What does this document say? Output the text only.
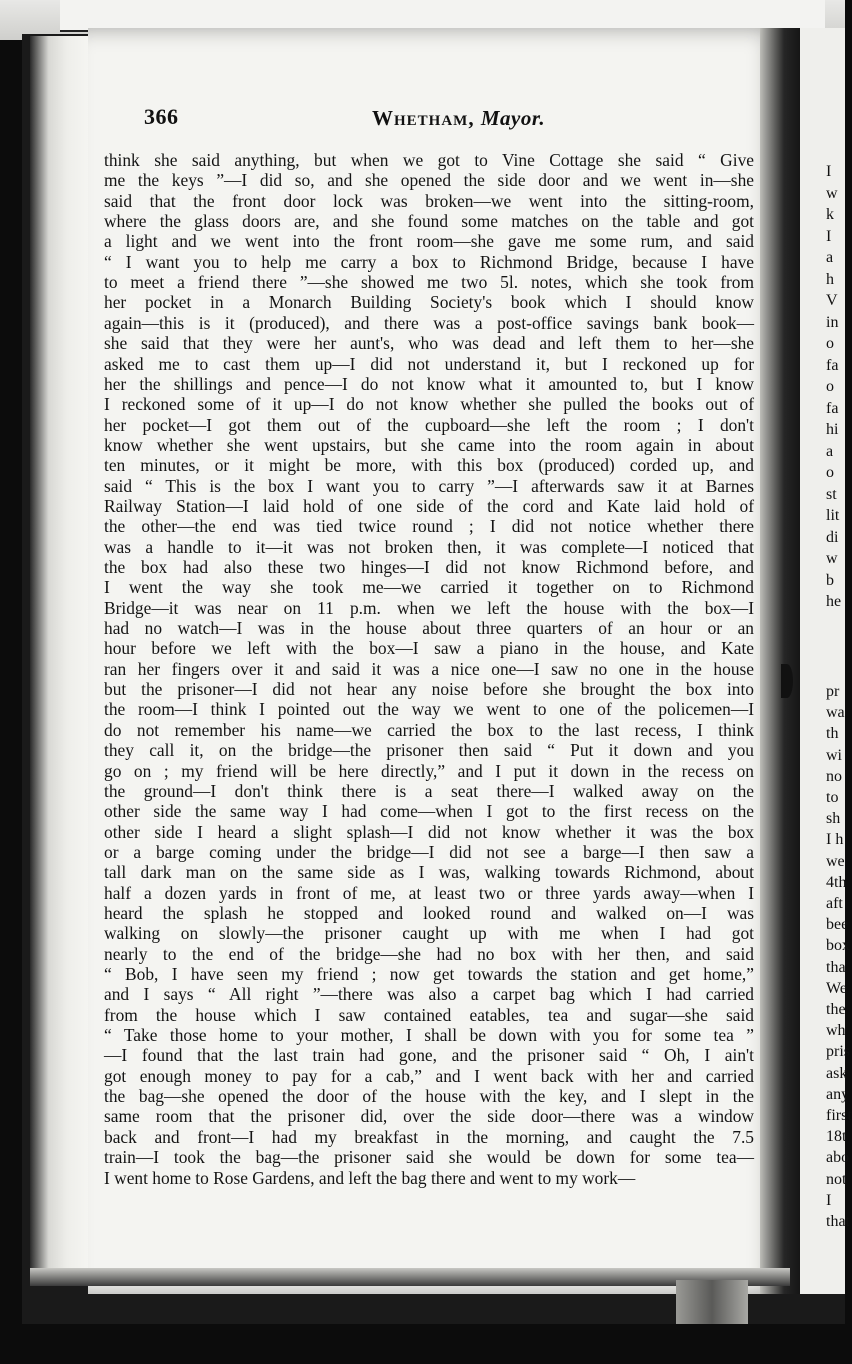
I
w
k
I
a
h
V
in
o
fa
o
fa
hi
a
o
st
lit
di
w
b
he
pr
wa
th
wi
no
to
sh
I h
we
4th
aft
bee
box
tha
We
the
wh
pris
ask
any
first
18t
abo
not
I
that
366	Whetham, Mayor.
think she said anything, but when we got to Vine Cottage she said “ Give
me the keys ”—I did so, and she opened the side door and we went in—she
said that the front door lock was broken—we went into the sitting-room,
where the glass doors are, and she found some matches on the table and got
a light and we went into the front room—she gave me some rum, and said
“ I want you to help me carry a box to Richmond Bridge, because I have
to meet a friend there ”—she showed me two 5l. notes, which she took from
her pocket in a Monarch Building Society's book which I should know
again—this is it (produced), and there was a post-office savings bank book—
she said that they were her aunt's, who was dead and left them to her—she
asked me to cast them up—I did not understand it, but I reckoned up for
her the shillings and pence—I do not know what it amounted to, but I know
I reckoned some of it up—I do not know whether she pulled the books out of
her pocket—I got them out of the cupboard—she left the room ; I don't
know whether she went upstairs, but she came into the room again in about
ten minutes, or it might be more, with this box (produced) corded up, and
said “ This is the box I want you to carry ”—I afterwards saw it at Barnes
Railway Station—I laid hold of one side of the cord and Kate laid hold of
the other—the end was tied twice round ; I did not notice whether there
was a handle to it—it was not broken then, it was complete—I noticed that
the box had also these two hinges—I did not know Richmond before, and
I went the way she took me—we carried it together on to Richmond
Bridge—it was near on 11 p.m. when we left the house with the box—I
had no watch—I was in the house about three quarters of an hour or an
hour before we left with the box—I saw a piano in the house, and Kate
ran her fingers over it and said it was a nice one—I saw no one in the house
but the prisoner—I did not hear any noise before she brought the box into
the room—I think I pointed out the way we went to one of the policemen—I
do not remember his name—we carried the box to the last recess, I think
they call it, on the bridge—the prisoner then said “ Put it down and you
go on ; my friend will be here directly,” and I put it down in the recess on
the ground—I don't think there is a seat there—I walked away on the
other side the same way I had come—when I got to the first recess on the
other side I heard a slight splash—I did not know whether it was the box
or a barge coming under the bridge—I did not see a barge—I then saw a
tall dark man on the same side as I was, walking towards Richmond, about
half a dozen yards in front of me, at least two or three yards away—when I
heard the splash he stopped and looked round and walked on—I was
walking on slowly—the prisoner caught up with me when I had got
nearly to the end of the bridge—she had no box with her then, and said
“ Bob, I have seen my friend ; now get towards the station and get home,”
and I says “ All right ”—there was also a carpet bag which I had carried
from the house which I saw contained eatables, tea and sugar—she said
“ Take those home to your mother, I shall be down with you for some tea ”
—I found that the last train had gone, and the prisoner said “ Oh, I ain't
got enough money to pay for a cab,” and I went back with her and carried
the bag—she opened the door of the house with the key, and I slept in the
same room that the prisoner did, over the side door—there was a window
back and front—I had my breakfast in the morning, and caught the 7.5
train—I took the bag—the prisoner said she would be down for some tea—
I went home to Rose Gardens, and left the bag there and went to my work—
